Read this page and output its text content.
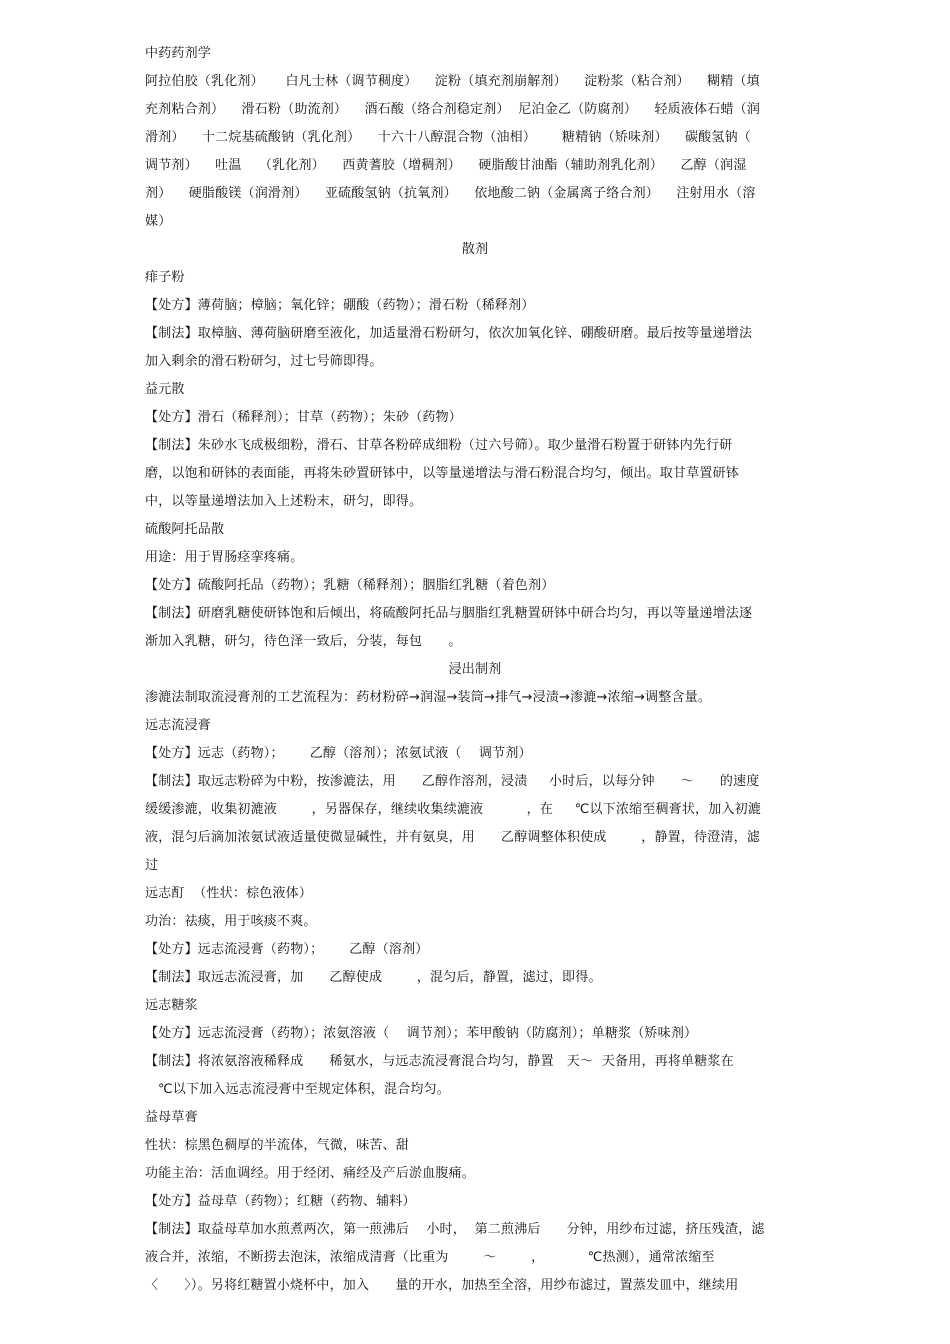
中药药剂学
阿拉伯胶（乳化剂）     白凡士林（调节稠度）    淀粉（填充剂崩解剂）    淀粉浆（粘合剂）    糊精（填
充剂粘合剂）    滑石粉（助流剂）    酒石酸（络合剂稳定剂）  尼泊金乙（防腐剂）    轻质液体石蜡（润
滑剂）    十二烷基硫酸钠（乳化剂）    十六十八醇混合物（油相）      糖精钠（矫味剂）    碳酸氢钠（
调节剂）    吐温    （乳化剂）    西黄蓍胶（增稠剂）    硬脂酸甘油酯（辅助剂乳化剂）    乙醇（润湿
剂）    硬脂酸镁（润滑剂）    亚硫酸氢钠（抗氧剂）    依地酸二钠（金属离子络合剂）    注射用水（溶
媒）
散剂
痱子粉
【处方】薄荷脑；樟脑；氧化锌；硼酸（药物）；滑石粉（稀释剂）
【制法】取樟脑、薄荷脑研磨至液化，加适量滑石粉研匀，依次加氧化锌、硼酸研磨。最后按等量递增法
加入剩余的滑石粉研匀，过七号筛即得。
益元散
【处方】滑石（稀释剂）；甘草（药物）；朱砂（药物）
【制法】朱砂水飞成极细粉，滑石、甘草各粉碎成细粉（过六号筛）。取少量滑石粉置于研钵内先行研
磨，以饱和研钵的表面能，再将朱砂置研钵中，以等量递增法与滑石粉混合均匀，倾出。取甘草置研钵
中，以等量递增法加入上述粉末，研匀，即得。
硫酸阿托品散
用途：用于胃肠痉挛疼痛。
【处方】硫酸阿托品（药物）；乳糖（稀释剂）；胭脂红乳糖（着色剂）
【制法】研磨乳糖使研钵饱和后倾出，将硫酸阿托品与胭脂红乳糖置研钵中研合均匀，再以等量递增法逐
渐加入乳糖，研匀，待色泽一致后，分装，每包      。
浸出制剂
渗漉法制取流浸膏剂的工艺流程为：药材粉碎→润湿→装筒→排气→浸渍→渗漉→浓缩→调整含量。
远志流浸膏
【处方】远志（药物）；      乙醇（溶剂）；浓氨试液（    调节剂）
【制法】取远志粉碎为中粉，按渗漉法，用      乙醇作溶剂，浸渍     小时后，以每分钟      ～      的速度
缓缓渗漉，收集初漉液        ，另器保存，继续收集续漉液          ，在     ℃以下浓缩至稠膏状，加入初漉
液，混匀后滴加浓氨试液适量使微显碱性，并有氨臭，用      乙醇调整体积使成        ，静置，待澄清，滤
过
远志酊  （性状：棕色液体）
功治：祛痰，用于咳痰不爽。
【处方】远志流浸膏（药物）；      乙醇（溶剂）
【制法】取远志流浸膏，加      乙醇使成        ，混匀后，静置，滤过，即得。
远志糖浆
【处方】远志流浸膏（药物）；浓氨溶液（    调节剂）；苯甲酸钠（防腐剂）；单糖浆（矫味剂）
【制法】将浓氨溶液稀释成      稀氨水，与远志流浸膏混合均匀，静置   天～  天备用，再将单糖浆在
℃以下加入远志流浸膏中至规定体积，混合均匀。
益母草膏
性状：棕黑色稠厚的半流体，气微，味苦、甜
功能主治：活血调经。用于经闭、痛经及产后淤血腹痛。
【处方】益母草（药物）；红糖（药物、辅料）
【制法】取益母草加水煎煮两次，第一煎沸后    小时，  第二煎沸后      分钟，用纱布过滤，挤压残渣，滤
液合并，浓缩，不断捞去泡沫，浓缩成清膏（比重为        ～        ，          ℃热测），通常浓缩至
〈      〉）。另将红糖置小烧杯中，加入      量的开水，加热至全溶，用纱布滤过，置蒸发皿中，继续用
